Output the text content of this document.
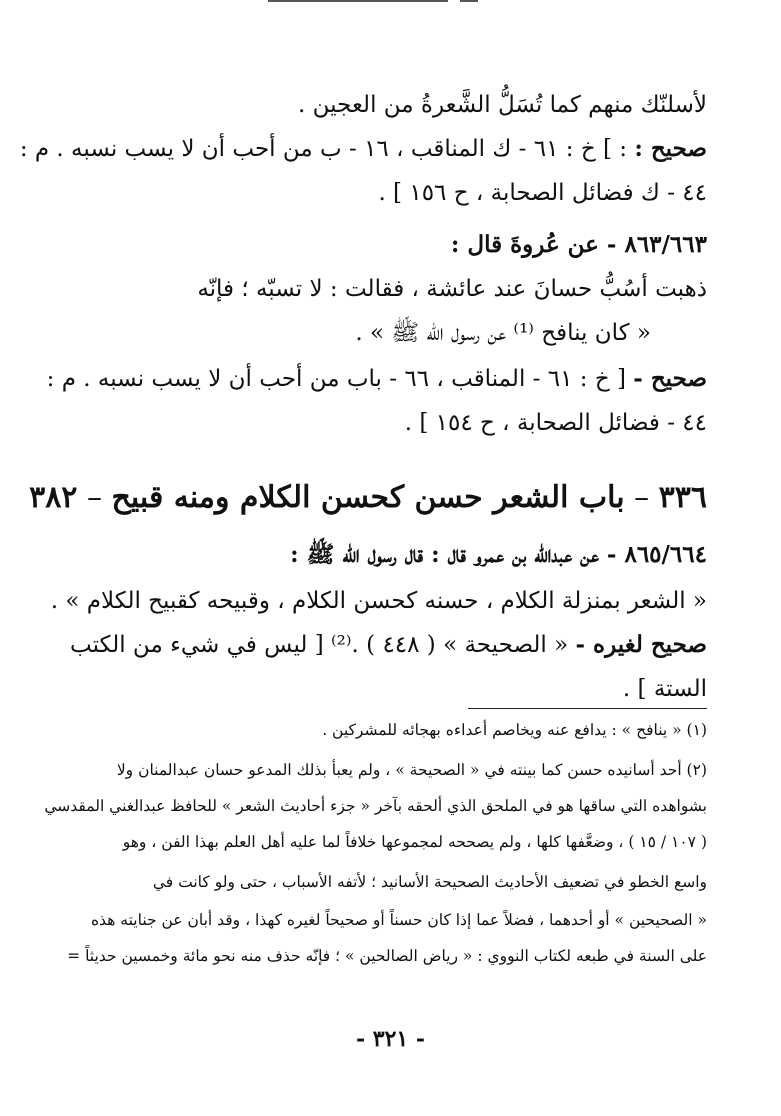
لأسلنّك منهم كما تُسَلُّ الشَّعرةُ من العجين .
صحيح : : ] خ : ٦١ - ك المناقب ، ١٦ - ب من أحب أن لا يسب نسبه . م :
٤٤ - ك فضائل الصحابة ، ح ١٥٦ ] .
٨٦٣/٦٦٣ - عن عُروةَ قال :
ذهبت أسُبُّ حسانَ عند عائشة ، فقالت : لا تسبّه ؛ فإنّه
« كان ينافح ⁽¹⁾ عن رسول الله ﷺ » .
صحيح - [ خ : ٦١ - المناقب ، ٦٦ - باب من أحب أن لا يسب نسبه . م :
٤٤ - فضائل الصحابة ، ح ١٥٤ ] .
٣٣٦ – باب الشعر حسن كحسن الكلام ومنه قبيح – ٣٨٢
٨٦٥/٦٦٤ - عن عبدالله بن عمرو قال : قال رسول الله ﷺ :
« الشعر بمنزلة الكلام ، حسنه كحسن الكلام ، وقبيحه كقبيح الكلام » .
صحيح لغيره - « الصحيحة » ( ٤٤٨ ) .⁽²⁾ [ ليس في شيء من الكتب
الستة ] .
(١) « ينافح » : يدافع عنه ويخاصم أعداءه بهجائه للمشركين .
(٢) أحد أسانيده حسن كما بينته في « الصحيحة » ، ولم يعبأ بذلك المدعو حسان عبدالمنان ولا
بشواهده التي ساقها هو في الملحق الذي ألحقه بآخر « جزء أحاديث الشعر » للحافظ عبدالغني المقدسي
( ١٠٧ / ١٥ ) ، وضعَّفها كلها ، ولم يصححه لمجموعها خلافاً لما عليه أهل العلم بهذا الفن ، وهو
واسع الخطو في تضعيف الأحاديث الصحيحة الأسانيد ؛ لأتفه الأسباب ، حتى ولو كانت في
« الصحيحين » أو أحدهما ، فضلاً عما إذا كان حسناً أو صحيحاً لغيره كهذا ، وقد أبان عن جنايته هذه
على السنة في طبعه لكتاب النووي : « رياض الصالحين » ؛ فإنّه حذف منه نحو مائة وخمسين حديثاً =
- ٣٢١ -
